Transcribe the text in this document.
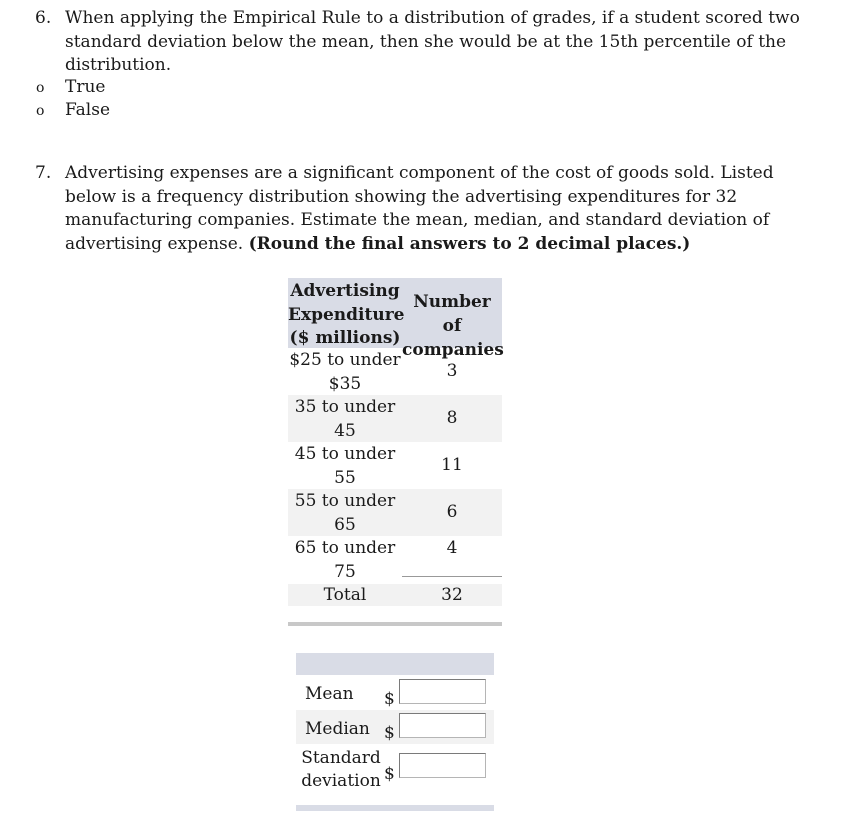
6. When applying the Empirical Rule to a distribution of grades, if a student scored two
standard deviation below the mean, then she would be at the 15th percentile of the
distribution.
o True
o False
7. Advertising expenses are a significant component of the cost of goods sold. Listed
below is a frequency distribution showing the advertising expenditures for 32
manufacturing companies. Estimate the mean, median, and standard deviation of
advertising expense. (Round the final answers to 2 decimal places.)
Advertising
Expenditure
($ millions)
Number of
companies
$25 to under
$35
3
35 to under
45
8
45 to under
55
11
55 to under
65
6
65 to under
75
4
Total	32
Mean $
Median $
Standard
deviation $
